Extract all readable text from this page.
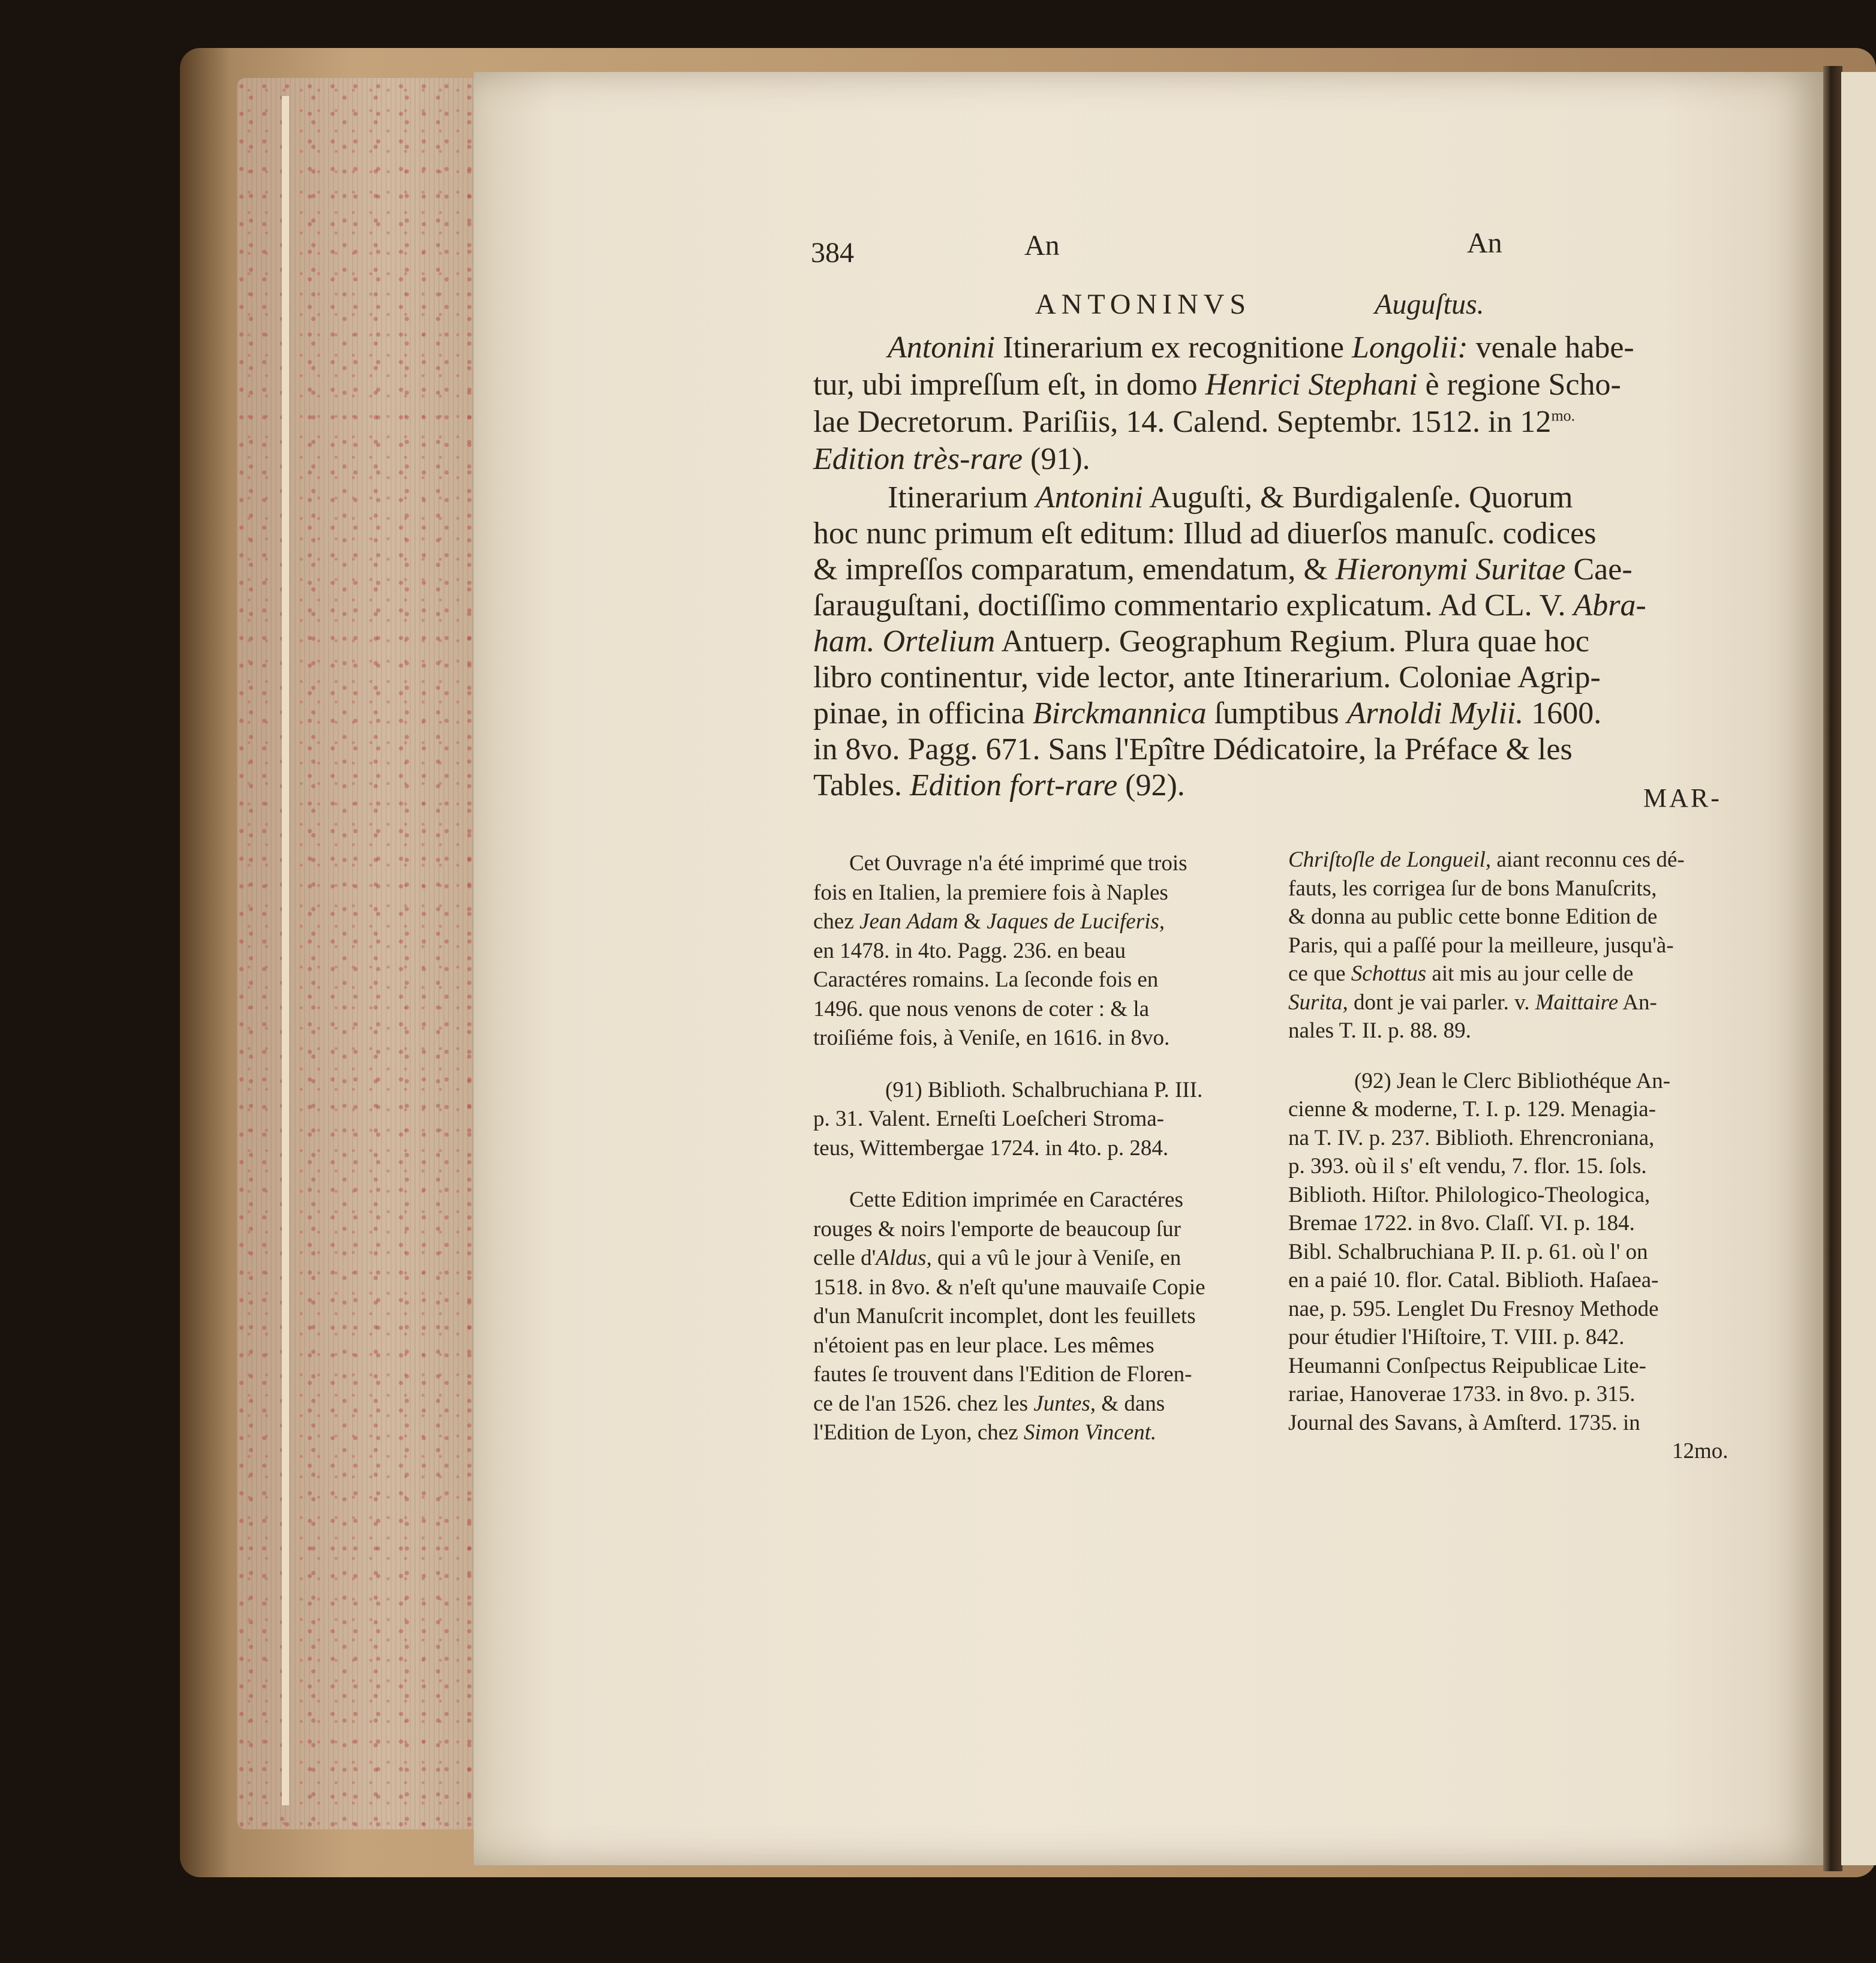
384	An	An
ANTONINVS	Auguſtus.
Antonini Itinerarium ex recognitione Longolii: venale habe-
tur, ubi impreſſum eſt, in domo Henrici Stephani è regione Scho-
lae Decretorum. Pariſiis, 14. Calend. Septembr. 1512. in $12^{mo.}$
Edition très-rare (91).
Itinerarium Antonini Auguſti, & Burdigalenſe. Quorum
hoc nunc primum eſt editum: Illud ad diuerſos manuſc. codices
& impreſſos comparatum, emendatum, & Hieronymi Suritae Cae-
ſarauguſtani, doctiſſimo commentario explicatum. Ad CL. V. Abra-
ham. Ortelium Antuerp. Geographum Regium. Plura quae hoc
libro continentur, vide lector, ante Itinerarium. Coloniae Agrip-
pinae, in officina Birckmannica ſumptibus Arnoldi Mylii. 1600.
in 8vo. Pagg. 671. Sans l'Epître Dédicatoire, la Préface & les
Tables. Edition fort-rare (92).	MAR-
Cet Ouvrage n'a été imprimé que trois
fois en Italien, la premiere fois à Naples
chez Jean Adam & Jaques de Luciferis,
en 1478. in 4to. Pagg. 236. en beau
Caractéres romains. La ſeconde fois en
1496. que nous venons de coter : & la
troiſiéme fois, à Veniſe, en 1616. in 8vo.
(91) Biblioth. Schalbruchiana P. III.
p. 31. Valent. Erneſti Loeſcheri Stroma-
teus, Wittembergae 1724. in 4to. p. 284.
Cette Edition imprimée en Caractéres
rouges & noirs l'emporte de beaucoup ſur
celle d'Aldus, qui a vû le jour à Veniſe, en
1518. in 8vo. & n'eſt qu'une mauvaiſe Copie
d'un Manuſcrit incomplet, dont les feuillets
n'étoient pas en leur place. Les mêmes
fautes ſe trouvent dans l'Edition de Floren-
ce de l'an 1526. chez les Juntes, & dans
l'Edition de Lyon, chez Simon Vincent.
Chriſtoſle de Longueil, aiant reconnu ces dé-
fauts, les corrigea ſur de bons Manuſcrits,
& donna au public cette bonne Edition de
Paris, qui a paſſé pour la meilleure, jusqu'à-
ce que Schottus ait mis au jour celle de
Surita, dont je vai parler. v. Maittaire An-
nales T. II. p. 88. 89.
(92) Jean le Clerc Bibliothéque An-
cienne & moderne, T. I. p. 129. Menagia-
na T. IV. p. 237. Biblioth. Ehrencroniana,
p. 393. où il s' eſt vendu, 7. flor. 15. ſols.
Biblioth. Hiſtor. Philologico-Theologica,
Bremae 1722. in 8vo. Claſſ. VI. p. 184.
Bibl. Schalbruchiana P. II. p. 61. où l' on
en a paié 10. flor. Catal. Biblioth. Haſaea-
nae, p. 595. Lenglet Du Fresnoy Methode
pour étudier l'Hiſtoire, T. VIII. p. 842.
Heumanni Conſpectus Reipublicae Lite-
rariae, Hanoverae 1733. in 8vo. p. 315.
Journal des Savans, à Amſterd. 1735. in
12mo.
